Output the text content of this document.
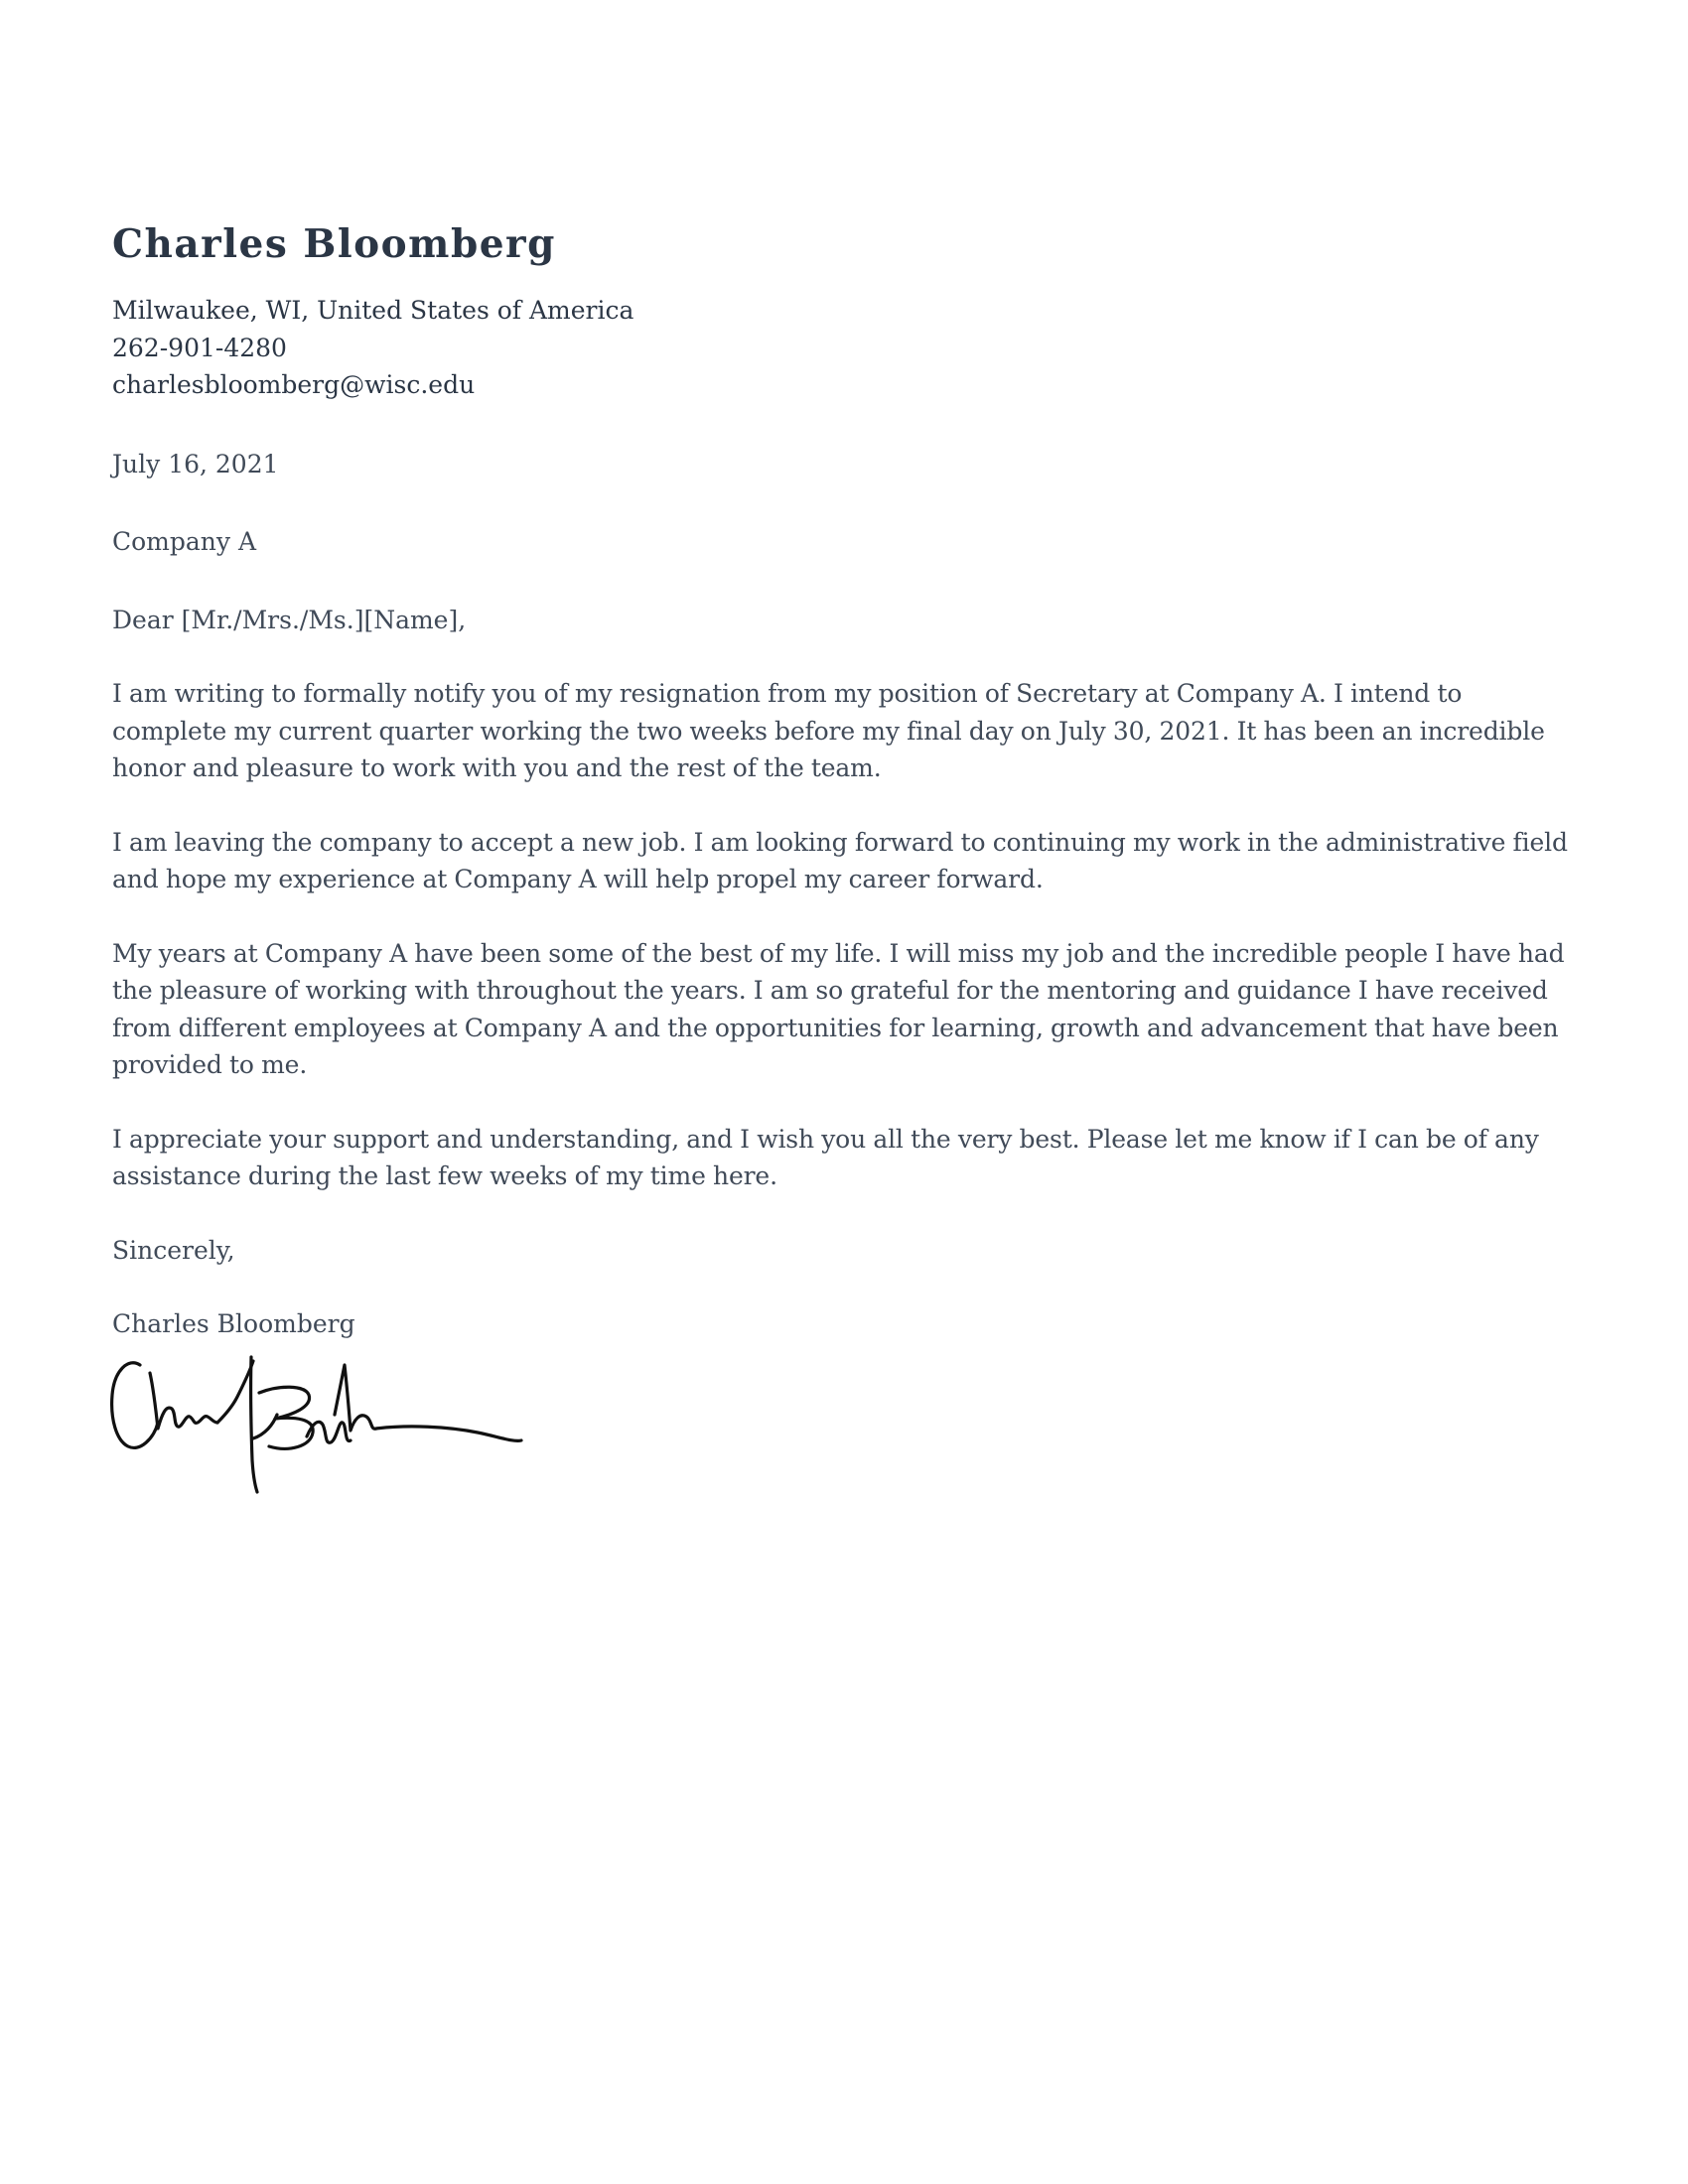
Charles Bloomberg
Milwaukee, WI, United States of America
262-901-4280
charlesbloomberg@wisc.edu
July 16, 2021
Company A
Dear [Mr./Mrs./Ms.][Name],
I am writing to formally notify you of my resignation from my position of Secretary at Company A. I intend to complete my current quarter working the two weeks before my final day on July 30, 2021. It has been an incredible honor and pleasure to work with you and the rest of the team.
I am leaving the company to accept a new job. I am looking forward to continuing my work in the administrative field and hope my experience at Company A will help propel my career forward.
My years at Company A have been some of the best of my life. I will miss my job and the incredible people I have had the pleasure of working with throughout the years. I am so grateful for the mentoring and guidance I have received from different employees at Company A and the opportunities for learning, growth and advancement that have been provided to me.
I appreciate your support and understanding, and I wish you all the very best. Please let me know if I can be of any assistance during the last few weeks of my time here.
Sincerely,
Charles Bloomberg
